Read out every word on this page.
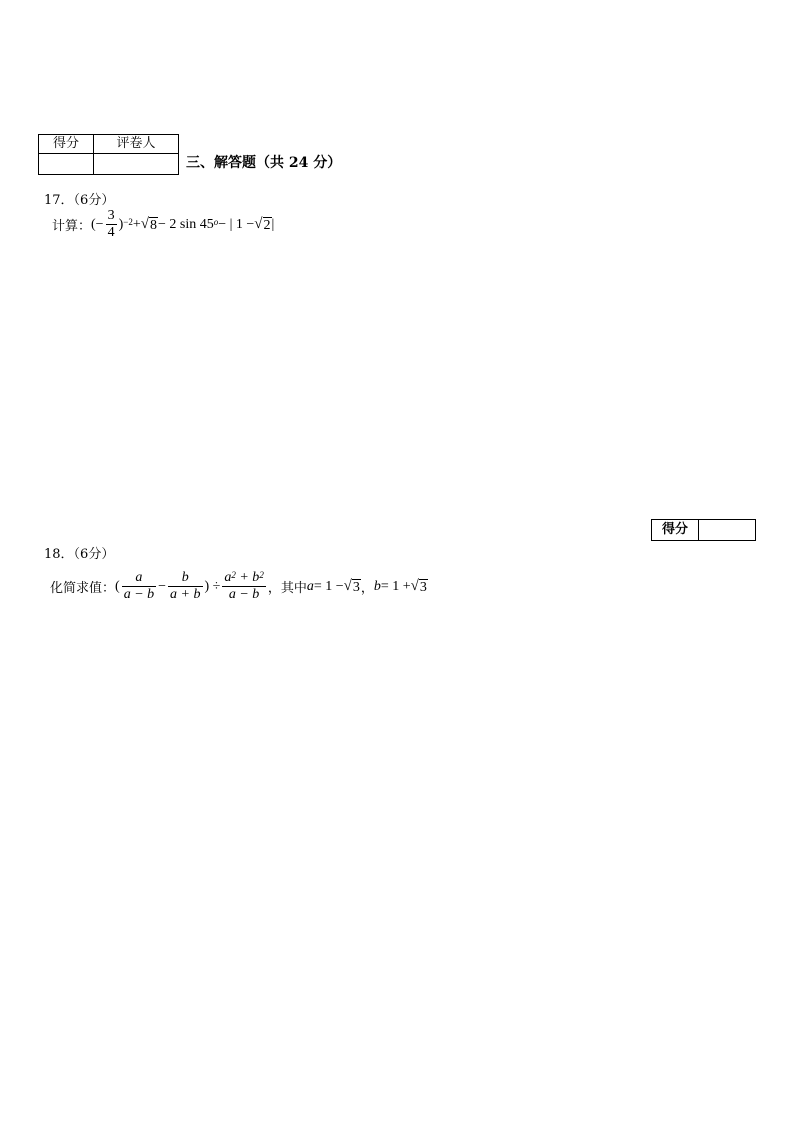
得分	评卷人

三、解答题（共 24 分）
17．（6分）
计算： (− $\frac{3}{4} )^{-2}$ + √ 8 − 2 $\sin 45^o$ − | 1 − √ 2 |
得分	
18．（6分）
化简求值： ( $\frac{a}{a - b} - \frac{b}{a + b}$ ) ÷ $\frac{a^2 + b^2}{a - b}$ ，其中 a = 1 − √ 3 ， b = 1 + √ 3
